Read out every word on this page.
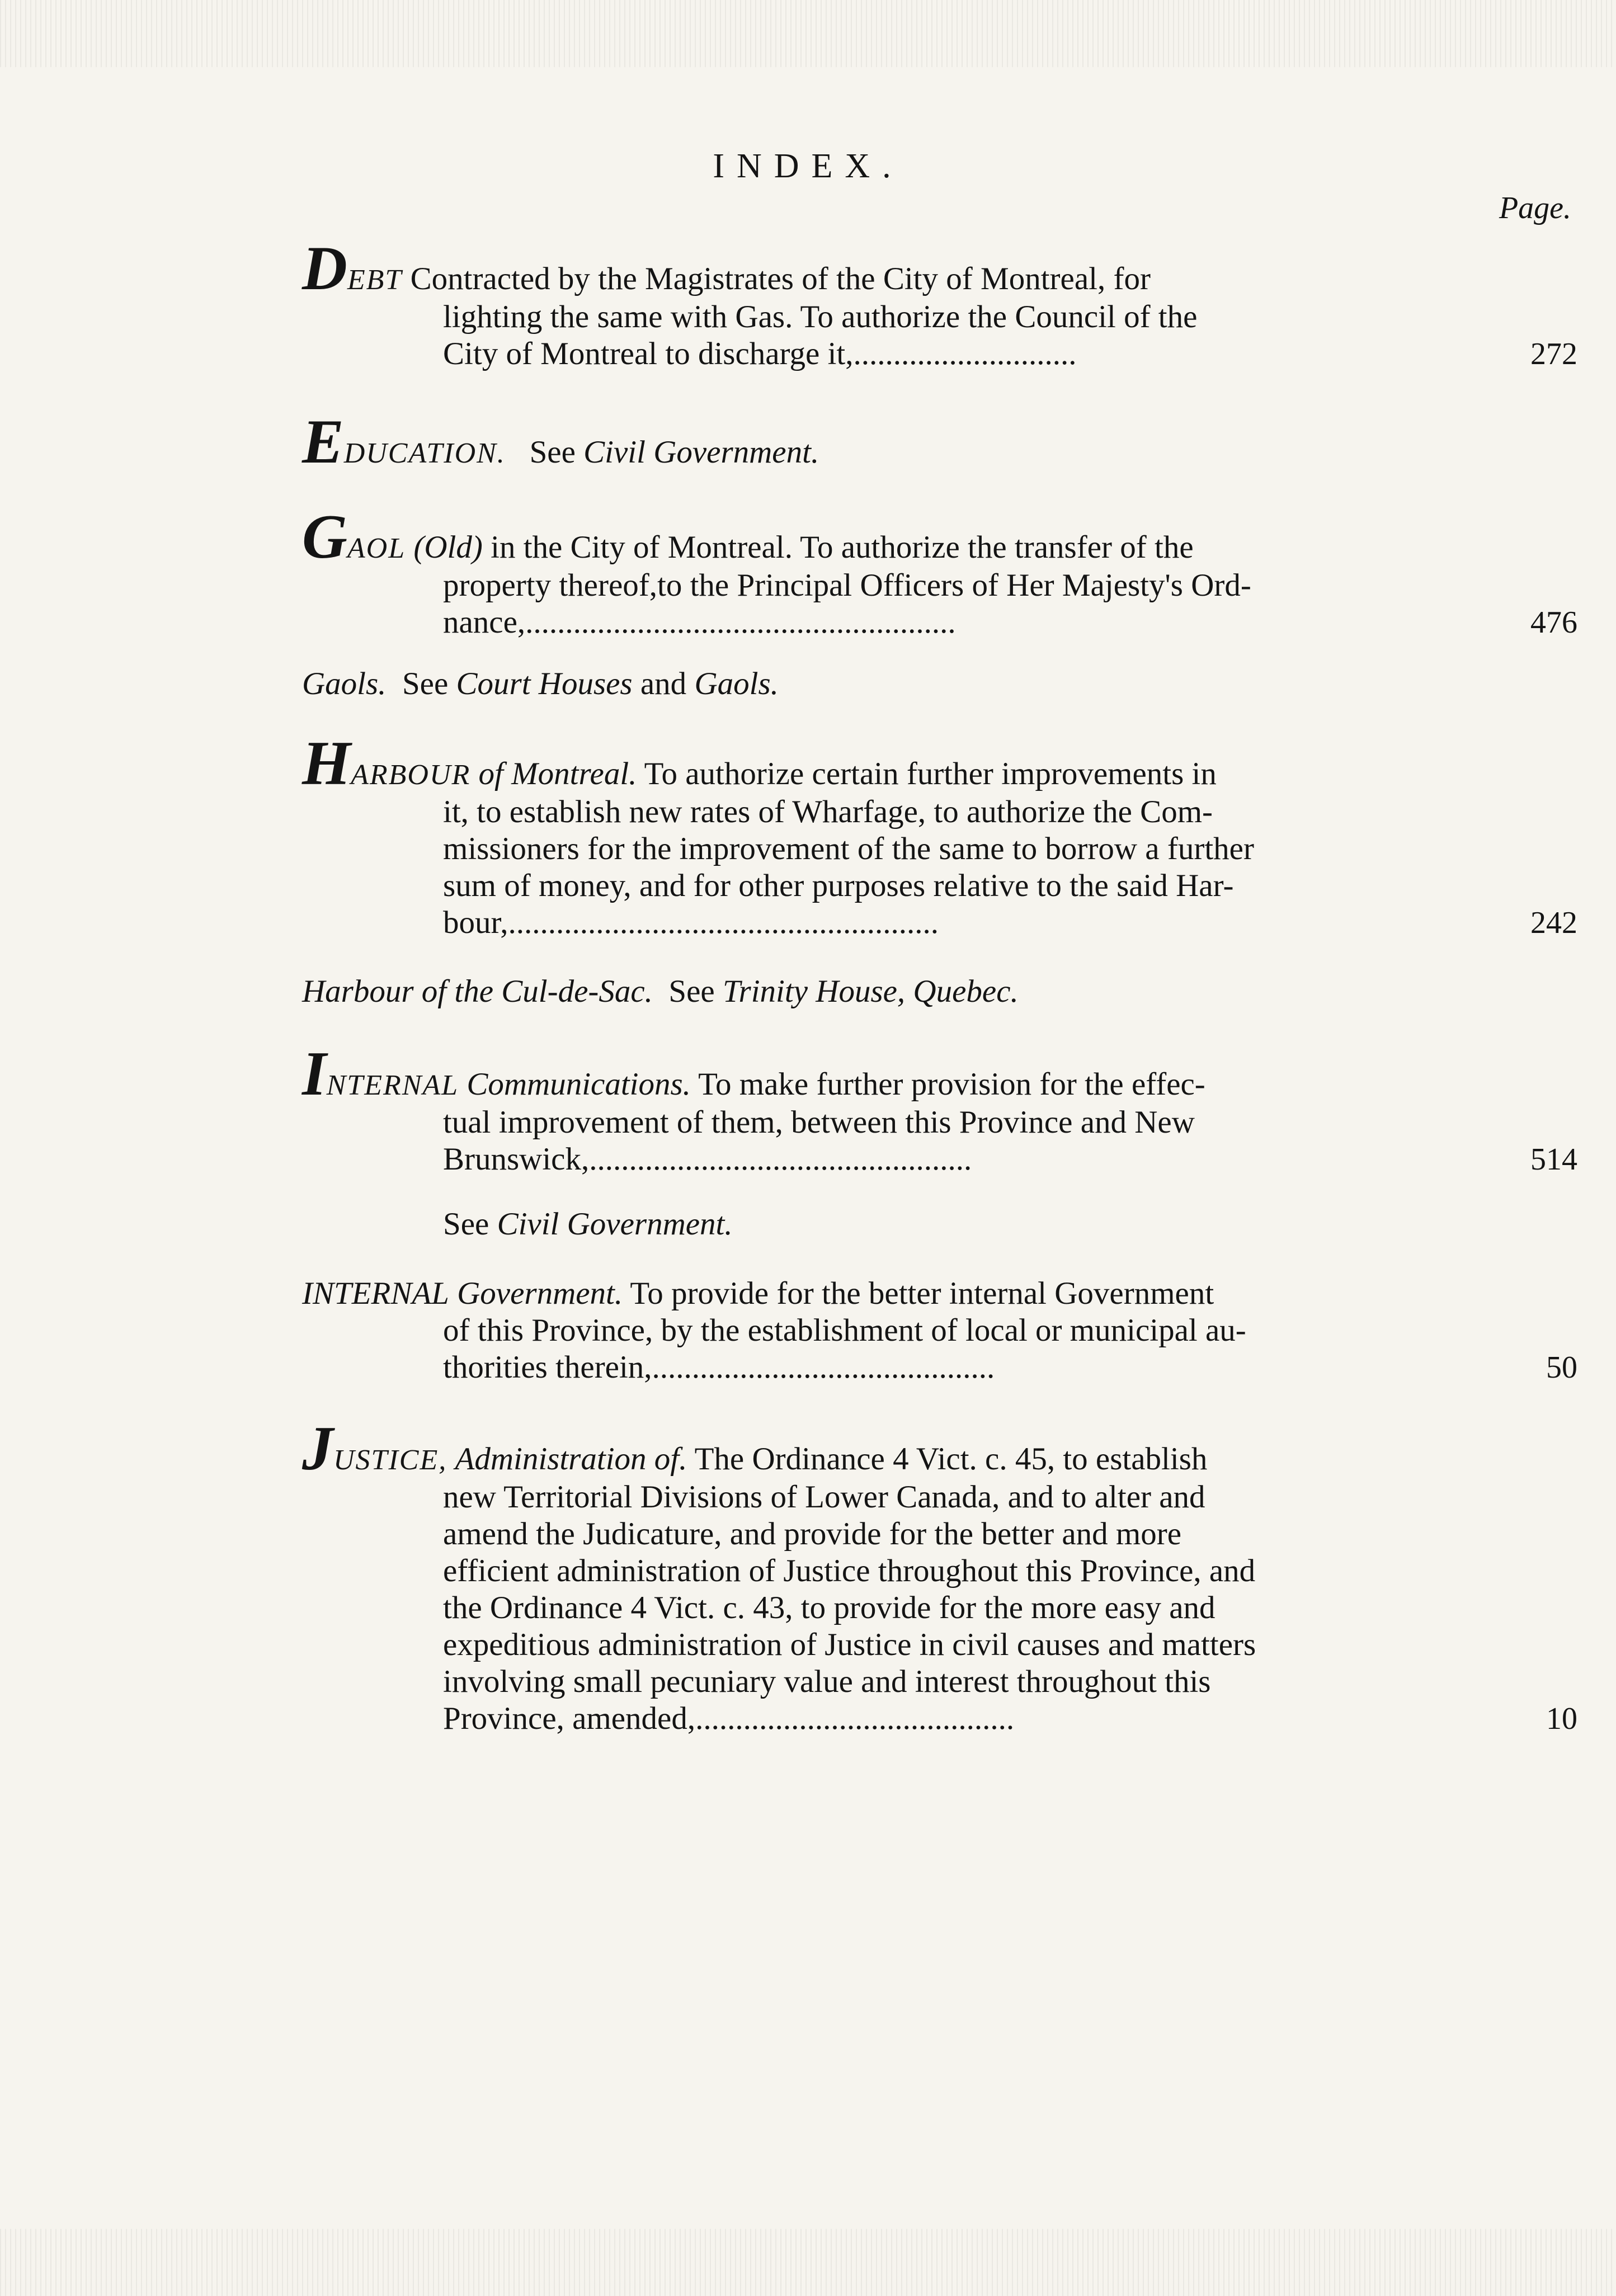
INDEX.
Page.
DEBT Contracted by the Magistrates of the City of Montreal, for
lighting the same with Gas. To authorize the Council of the
City of Montreal to discharge it,............................	272
EDUCATION. See Civil Government.
GAOL (Old) in the City of Montreal. To authorize the transfer of the
property thereof,to the Principal Officers of Her Majesty's Ord-
nance,......................................................	476
Gaols. See Court Houses and Gaols.
HARBOUR of Montreal. To authorize certain further improvements in
it, to establish new rates of Wharfage, to authorize the Com-
missioners for the improvement of the same to borrow a further
sum of money, and for other purposes relative to the said Har-
bour,......................................................	242
Harbour of the Cul-de-Sac. See Trinity House, Quebec.
INTERNAL Communications. To make further provision for the effec-
tual improvement of them, between this Province and New
Brunswick,................................................	514
See Civil Government.
INTERNAL Government. To provide for the better internal Government
of this Province, by the establishment of local or municipal au-
thorities therein,...........................................	50
JUSTICE, Administration of. The Ordinance 4 Vict. c. 45, to establish
new Territorial Divisions of Lower Canada, and to alter and
amend the Judicature, and provide for the better and more
efficient administration of Justice throughout this Province, and
the Ordinance 4 Vict. c. 43, to provide for the more easy and
expeditious administration of Justice in civil causes and matters
involving small pecuniary value and interest throughout this
Province, amended,........................................	10
